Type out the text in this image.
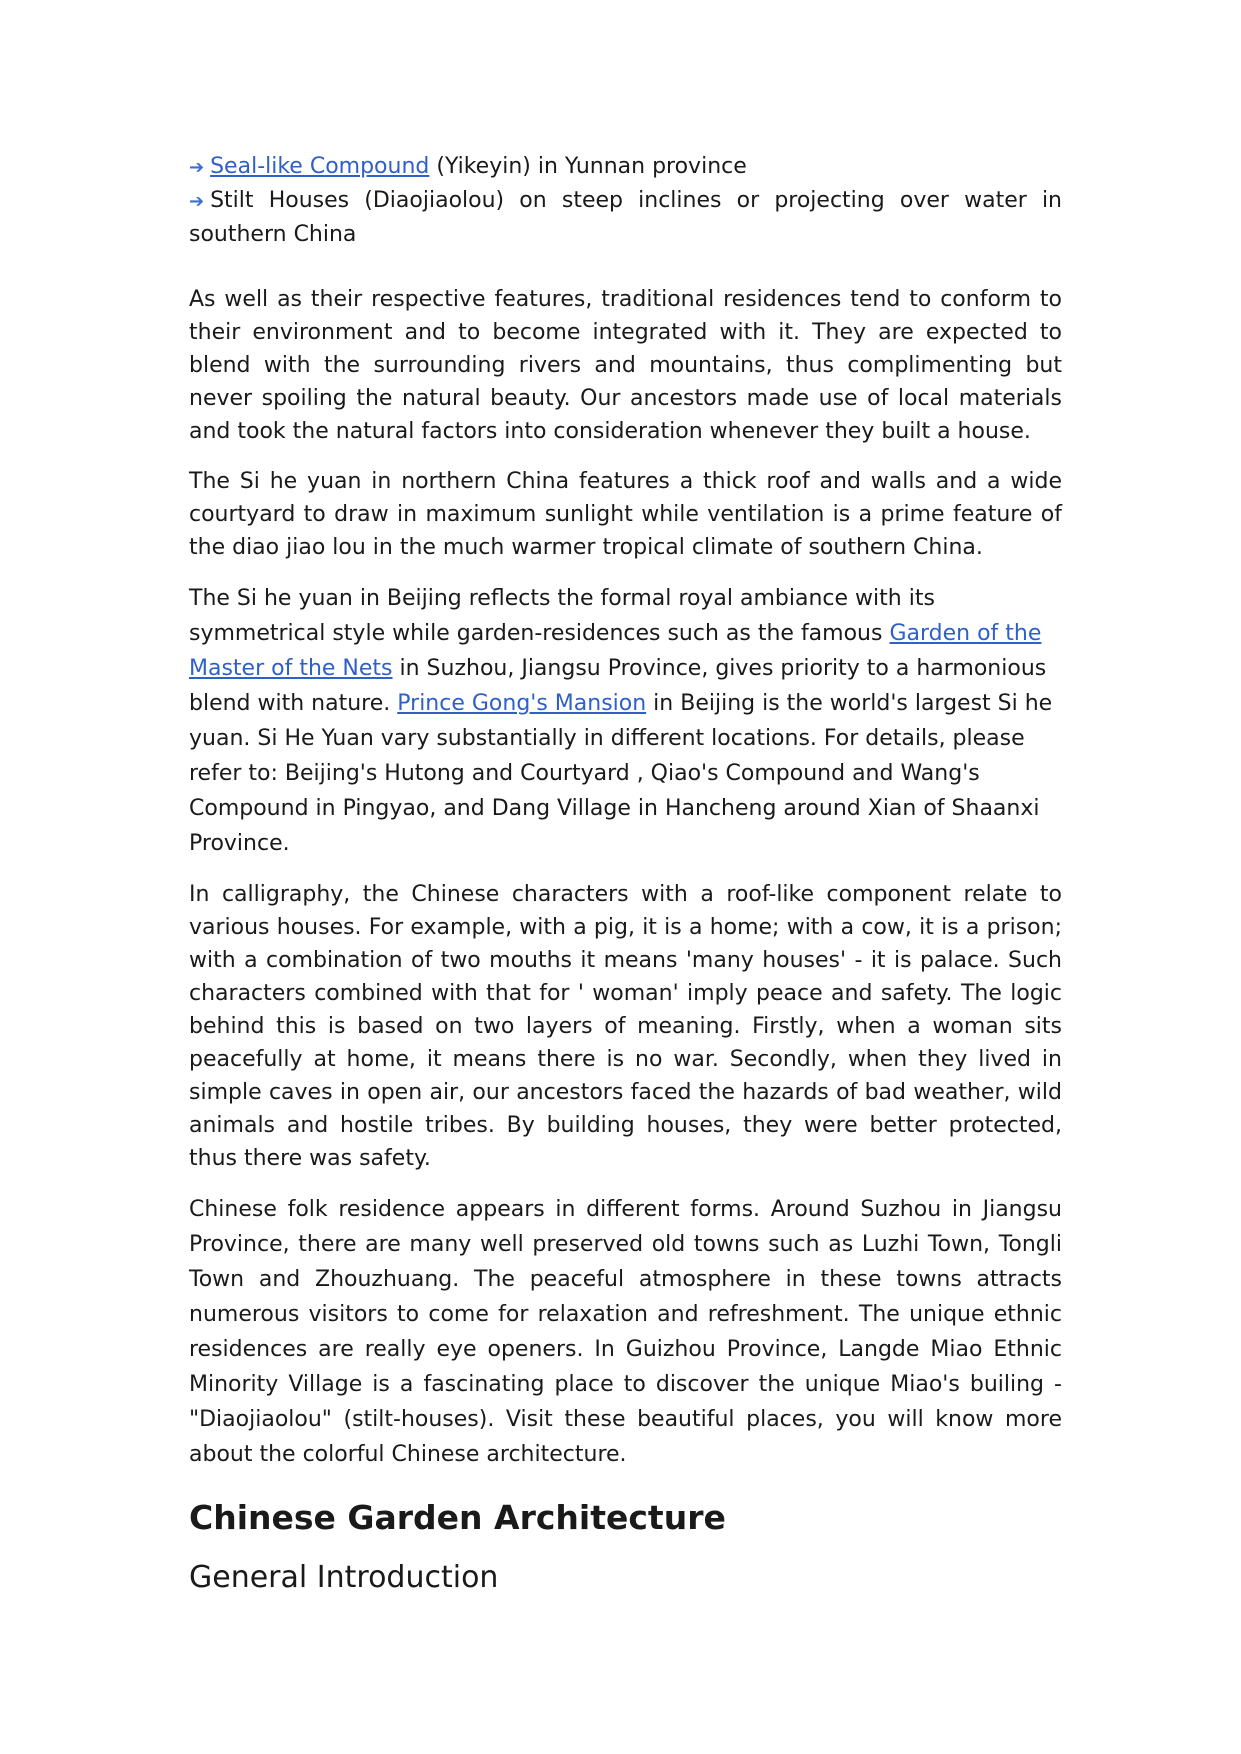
➔ Seal-like Compound (Yikeyin) in Yunnan province

➔ Stilt Houses (Diaojiaolou) on steep inclines or projecting over water in southern China

As well as their respective features, traditional residences tend to conform to their environment and to become integrated with it. They are expected to blend with the surrounding rivers and mountains, thus complimenting but never spoiling the natural beauty. Our ancestors made use of local materials and took the natural factors into consideration whenever they built a house.

The Si he yuan in northern China features a thick roof and walls and a wide courtyard to draw in maximum sunlight while ventilation is a prime feature of the diao jiao lou in the much warmer tropical climate of southern China.

The Si he yuan in Beijing reflects the formal royal ambiance with its symmetrical style while garden-residences such as the famous Garden of the Master of the Nets in Suzhou, Jiangsu Province, gives priority to a harmonious blend with nature. Prince Gong's Mansion in Beijing is the world's largest Si he yuan. Si He Yuan vary substantially in different locations. For details, please refer to: Beijing's Hutong and Courtyard , Qiao's Compound and Wang's Compound in Pingyao, and Dang Village in Hancheng around Xian of Shaanxi Province.

In calligraphy, the Chinese characters with a roof-like component relate to various houses. For example, with a pig, it is a home; with a cow, it is a prison; with a combination of two mouths it means 'many houses' - it is palace. Such characters combined with that for ' woman' imply peace and safety. The logic behind this is based on two layers of meaning. Firstly, when a woman sits peacefully at home, it means there is no war. Secondly, when they lived in simple caves in open air, our ancestors faced the hazards of bad weather, wild animals and hostile tribes. By building houses, they were better protected, thus there was safety.

Chinese folk residence appears in different forms. Around Suzhou in Jiangsu Province, there are many well preserved old towns such as Luzhi Town, Tongli Town and Zhouzhuang. The peaceful atmosphere in these towns attracts numerous visitors to come for relaxation and refreshment. The unique ethnic residences are really eye openers. In Guizhou Province, Langde Miao Ethnic Minority Village is a fascinating place to discover the unique Miao's builing - "Diaojiaolou" (stilt-houses). Visit these beautiful places, you will know more about the colorful Chinese architecture.

Chinese Garden Architecture
General Introduction
